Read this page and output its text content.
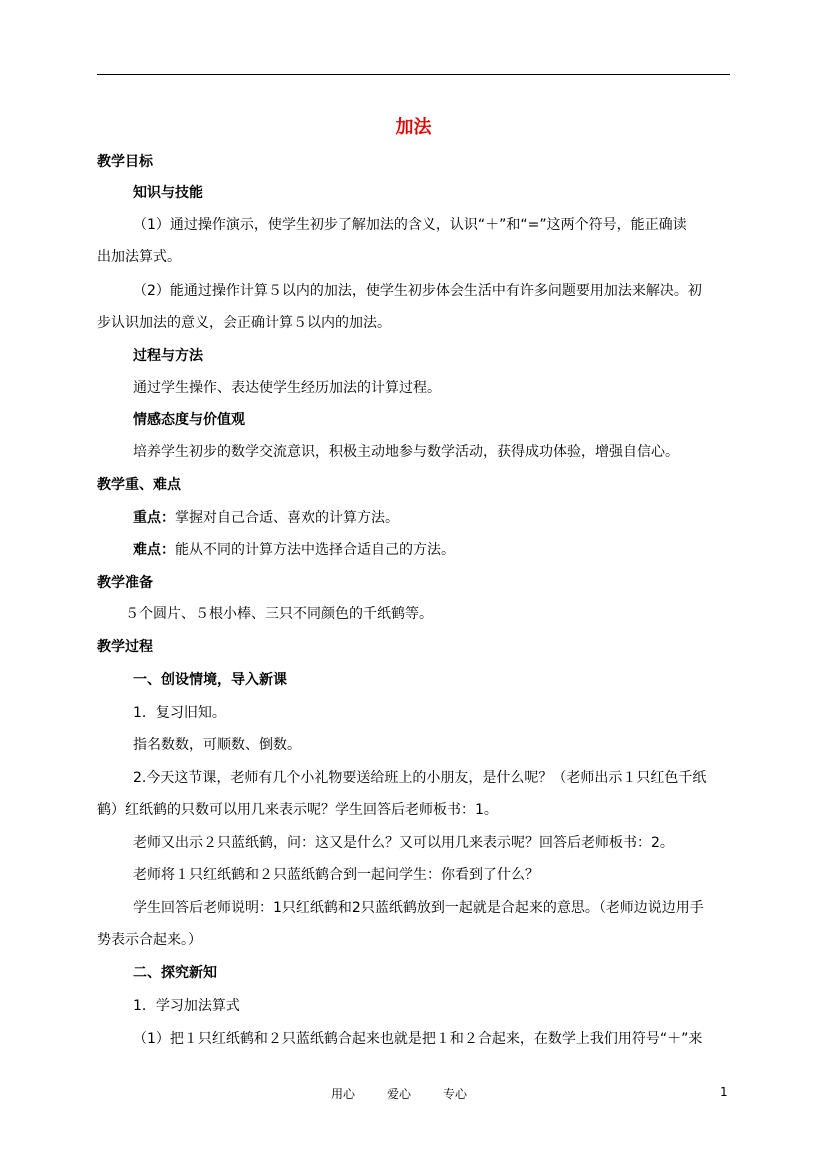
加法
教学目标
知识与技能
（1）通过操作演示，使学生初步了解加法的含义，认识“＋”和“=”这两个符号，能正确读
出加法算式。
（2）能通过操作计算５以内的加法，使学生初步体会生活中有许多问题要用加法来解决。初
步认识加法的意义，会正确计算５以内的加法。
过程与方法
通过学生操作、表达使学生经历加法的计算过程。
情感态度与价值观
培养学生初步的数学交流意识，积极主动地参与数学活动，获得成功体验，增强自信心。
教学重、难点
重点：掌握对自己合适、喜欢的计算方法。
难点：能从不同的计算方法中选择合适自己的方法。
教学准备
５个圆片、５根小棒、三只不同颜色的千纸鹤等。
教学过程
一、创设情境，导入新课
1．复习旧知。
指名数数，可顺数、倒数。
2.今天这节课，老师有几个小礼物要送给班上的小朋友，是什么呢？（老师出示１只红色千纸
鹤）红纸鹤的只数可以用几来表示呢？学生回答后老师板书：1。
老师又出示２只蓝纸鹤，问：这又是什么？又可以用几来表示呢？回答后老师板书：2。
老师将１只红纸鹤和２只蓝纸鹤合到一起问学生：你看到了什么？
学生回答后老师说明：1只红纸鹤和2只蓝纸鹤放到一起就是合起来的意思。（老师边说边用手
势表示合起来。）
二、探究新知
1．学习加法算式
（1）把１只红纸鹤和２只蓝纸鹤合起来也就是把１和２合起来，在数学上我们用符号“＋”来
用心	爱心	专心	1
